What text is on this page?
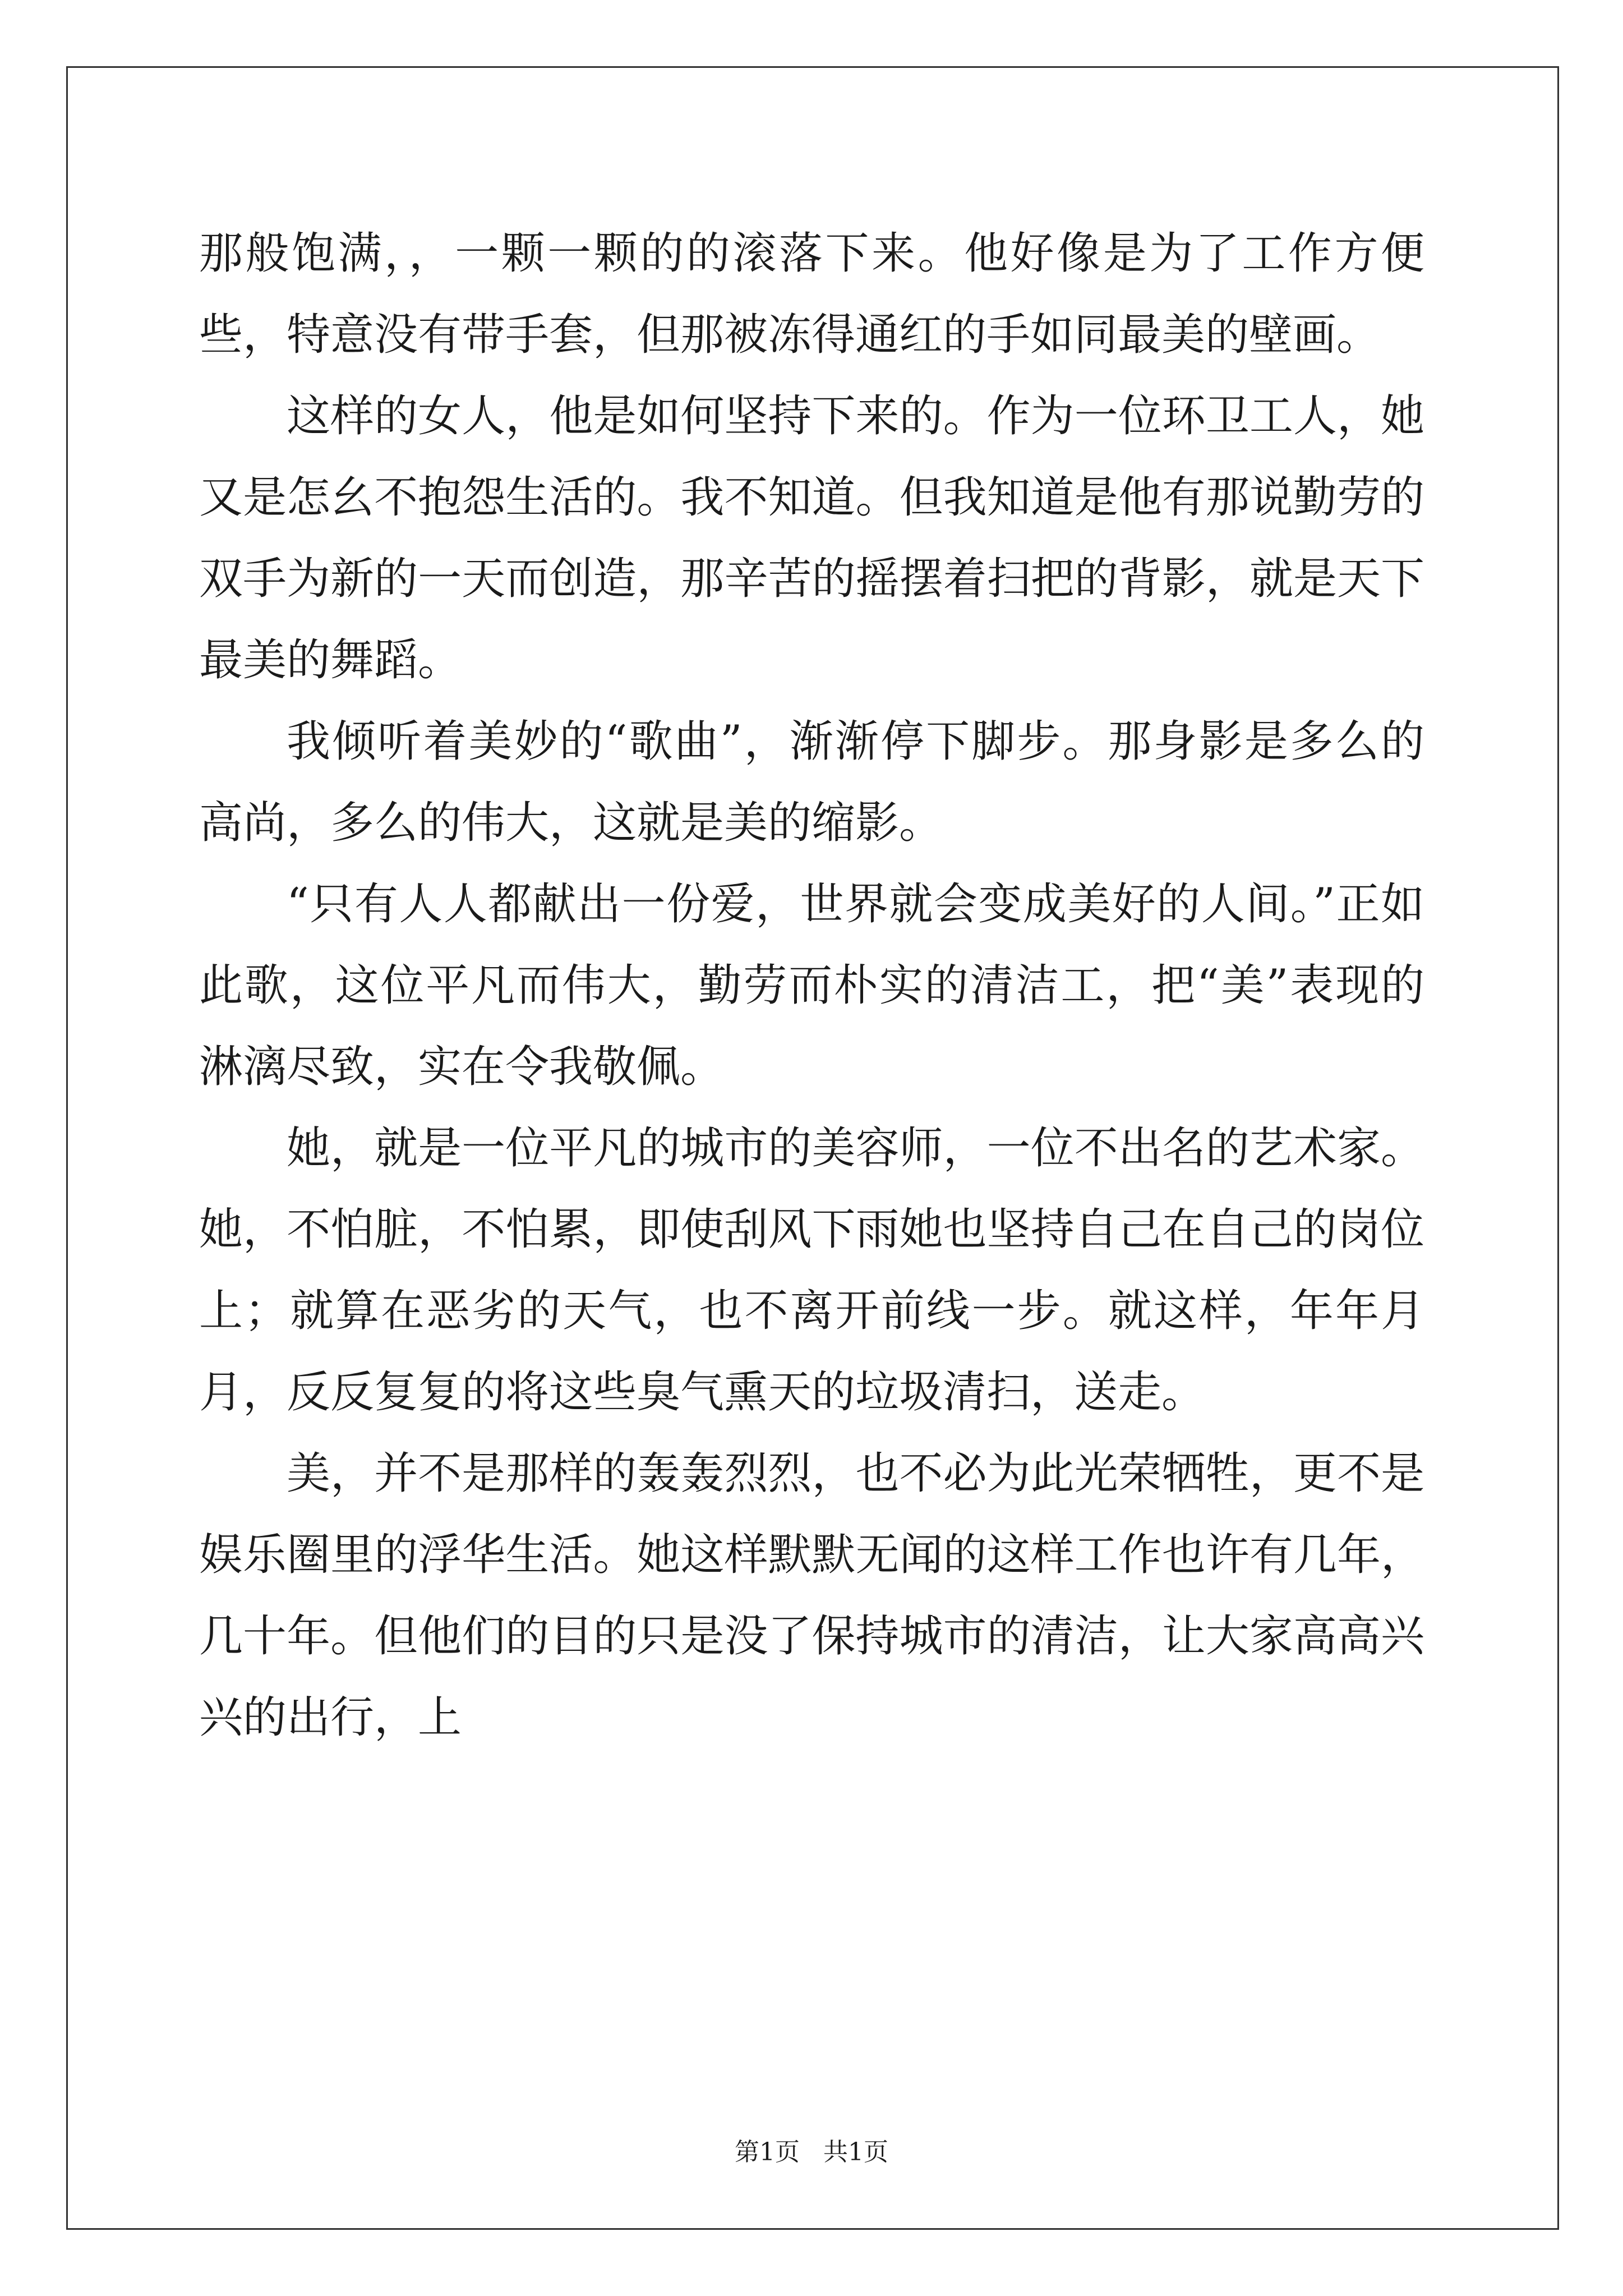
那般饱满，，一颗一颗的的滚落下来。他好像是为了工作方便些，特意没有带手套，但那被冻得通红的手如同最美的壁画。

这样的女人，他是如何坚持下来的。作为一位环卫工人，她又是怎幺不抱怨生活的。我不知道。但我知道是他有那说勤劳的双手为新的一天而创造，那辛苦的摇摆着扫把的背影，就是天下最美的舞蹈。

我倾听着美妙的“歌曲”，渐渐停下脚步。那身影是多么的高尚，多么的伟大，这就是美的缩影。

“只有人人都献出一份爱，世界就会变成美好的人间。”正如此歌，这位平凡而伟大，勤劳而朴实的清洁工，把“美”表现的淋漓尽致，实在令我敬佩。

她，就是一位平凡的城市的美容师，一位不出名的艺术家。她，不怕脏，不怕累，即使刮风下雨她也坚持自己在自己的岗位上；就算在恶劣的天气，也不离开前线一步。就这样，年年月月，反反复复的将这些臭气熏天的垃圾清扫，送走。

美，并不是那样的轰轰烈烈，也不必为此光荣牺牲，更不是娱乐圈里的浮华生活。她这样默默无闻的这样工作也许有几年，几十年。但他们的目的只是没了保持城市的清洁，让大家高高兴兴的出行，上

第1页   共1页
